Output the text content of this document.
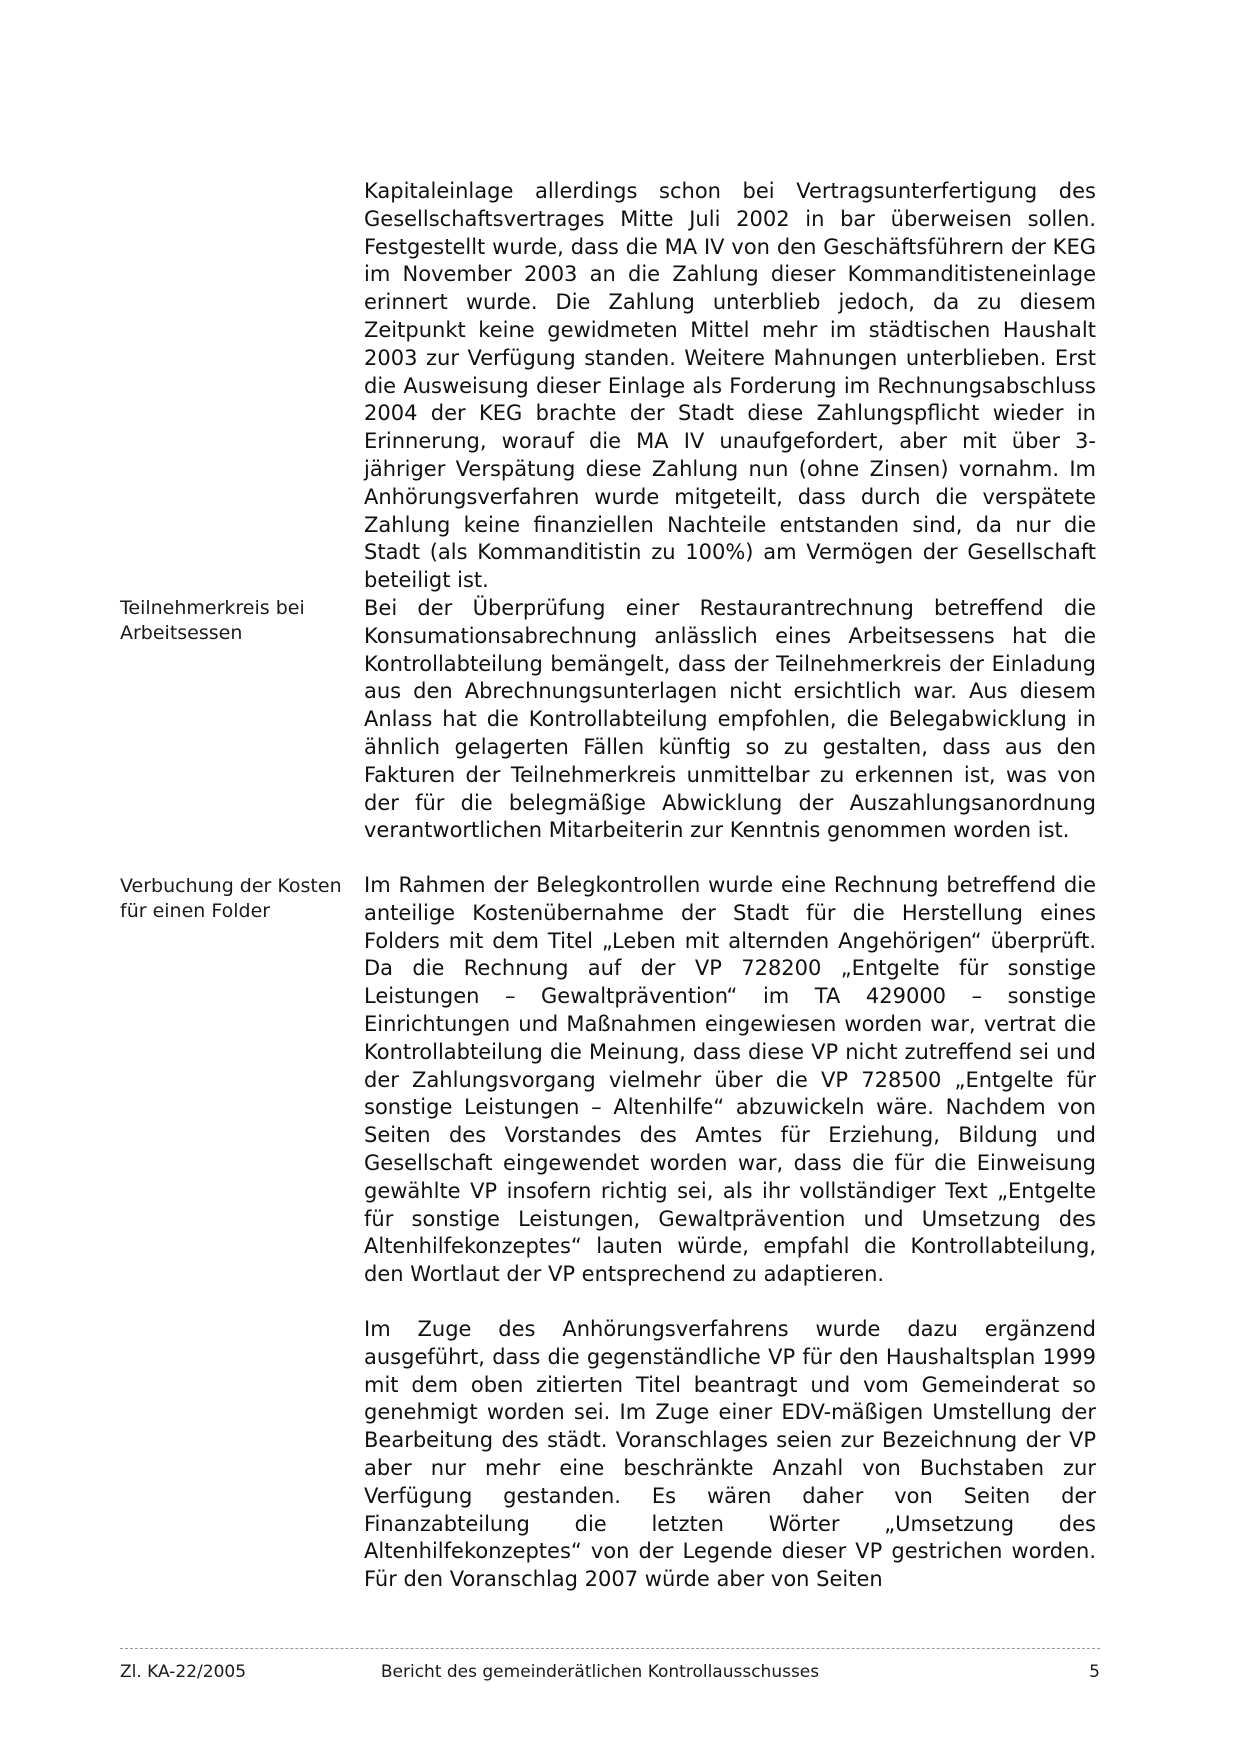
Kapitaleinlage allerdings schon bei Vertragsunterfertigung des Gesellschaftsvertrages Mitte Juli 2002 in bar überweisen sollen. Festgestellt wurde, dass die MA IV von den Geschäftsführern der KEG im November 2003 an die Zahlung dieser Kommanditisteneinlage erinnert wurde. Die Zahlung unterblieb jedoch, da zu diesem Zeitpunkt keine gewidmeten Mittel mehr im städtischen Haushalt 2003 zur Verfügung standen. Weitere Mahnungen unterblieben. Erst die Ausweisung dieser Einlage als Forderung im Rechnungsabschluss 2004 der KEG brachte der Stadt diese Zahlungspflicht wieder in Erinnerung, worauf die MA IV unaufgefordert, aber mit über 3-jähriger Verspätung diese Zahlung nun (ohne Zinsen) vornahm. Im Anhörungsverfahren wurde mitgeteilt, dass durch die verspätete Zahlung keine finanziellen Nachteile entstanden sind, da nur die Stadt (als Kommanditistin zu 100%) am Vermögen der Gesellschaft beteiligt ist.
Teilnehmerkreis bei Arbeitsessen
Bei der Überprüfung einer Restaurantrechnung betreffend die Konsumationsabrechnung anlässlich eines Arbeitsessens hat die Kontrollabteilung bemängelt, dass der Teilnehmerkreis der Einladung aus den Abrechnungsunterlagen nicht ersichtlich war. Aus diesem Anlass hat die Kontrollabteilung empfohlen, die Belegabwicklung in ähnlich gelagerten Fällen künftig so zu gestalten, dass aus den Fakturen der Teilnehmerkreis unmittelbar zu erkennen ist, was von der für die belegmäßige Abwicklung der Auszahlungsanordnung verantwortlichen Mitarbeiterin zur Kenntnis genommen worden ist.
Verbuchung der Kosten für einen Folder
Im Rahmen der Belegkontrollen wurde eine Rechnung betreffend die anteilige Kostenübernahme der Stadt für die Herstellung eines Folders mit dem Titel „Leben mit alternden Angehörigen“ überprüft. Da die Rechnung auf der VP 728200 „Entgelte für sonstige Leistungen – Gewaltprävention“ im TA 429000 – sonstige Einrichtungen und Maßnahmen eingewiesen worden war, vertrat die Kontrollabteilung die Meinung, dass diese VP nicht zutreffend sei und der Zahlungsvorgang vielmehr über die VP 728500 „Entgelte für sonstige Leistungen – Altenhilfe“ abzuwickeln wäre. Nachdem von Seiten des Vorstandes des Amtes für Erziehung, Bildung und Gesellschaft eingewendet worden war, dass die für die Einweisung gewählte VP insofern richtig sei, als ihr vollständiger Text „Entgelte für sonstige Leistungen, Gewaltprävention und Umsetzung des Altenhilfekonzeptes“ lauten würde, empfahl die Kontrollabteilung, den Wortlaut der VP entsprechend zu adaptieren.
Im Zuge des Anhörungsverfahrens wurde dazu ergänzend ausgeführt, dass die gegenständliche VP für den Haushaltsplan 1999 mit dem oben zitierten Titel beantragt und vom Gemeinderat so genehmigt worden sei. Im Zuge einer EDV-mäßigen Umstellung der Bearbeitung des städt. Voranschlages seien zur Bezeichnung der VP aber nur mehr eine beschränkte Anzahl von Buchstaben zur Verfügung gestanden. Es wären daher von Seiten der Finanzabteilung die letzten Wörter „Umsetzung des Altenhilfekonzeptes“ von der Legende dieser VP gestrichen worden. Für den Voranschlag 2007 würde aber von Seiten
Zl. KA-22/2005	Bericht des gemeinderätlichen Kontrollausschusses	5
